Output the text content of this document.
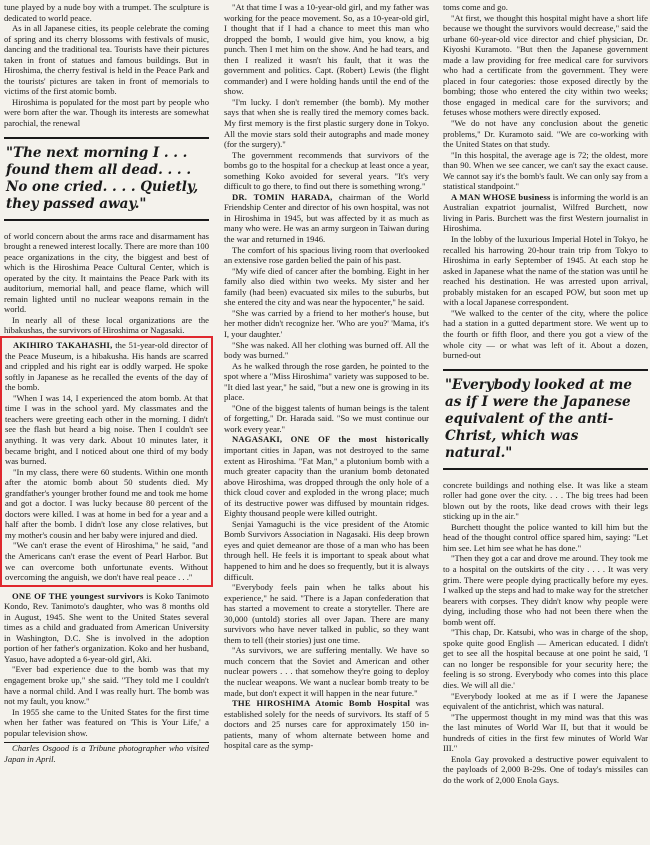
tune played by a nude boy with a trumpet. The sculpture is dedicated to world peace.

As in all Japanese cities, its people celebrate the coming of spring and its cherry blossoms with festivals of music, dancing and the traditional tea. Tourists have their pictures taken in front of statues and famous buildings. But in Hiroshima, the cherry festival is held in the Peace Park and the tourists' pictures are taken in front of memorials to victims of the first atomic bomb.

Hiroshima is populated for the most part by people who were born after the war. Though its interests are somewhat parochial, the renewal

"The next morning I . . . found them all dead. . . . No one cried. . . . Quietly, they passed away."

of world concern about the arms race and disarmament has brought a renewed interest locally. There are more than 100 peace organizations in the city, the biggest and best of which is the Hiroshima Peace Cultural Center, which is operated by the city. It maintains the Peace Park with its auditorium, memorial hall, and peace flame, which will remain lighted until no nuclear weapons remain in the world.

In nearly all of these local organizations are the hibakushas, the survivors of Hiroshima or Nagasaki.

AKIHIRO TAKAHASHI, the 51-year-old director of the Peace Museum, is a hibakusha. His hands are scarred and crippled and his right ear is oddly warped. He spoke softly in Japanese as he recalled the events of the day of the bomb.

"When I was 14, I experienced the atom bomb. At that time I was in the school yard. My classmates and the teachers were greeting each other in the morning. I didn't see the flash but heard a big noise. Then I couldn't see anything. It was very dark. About 10 minutes later, it became bright, and I noticed about one third of my body was burned.

"In my class, there were 60 students. Within one month after the atomic bomb about 50 students died. My grandfather's younger brother found me and took me home and got a doctor. I was lucky because 80 percent of the doctors were killed. I was at home in bed for a year and a half after the bomb. I didn't lose any close relatives, but my mother's cousin and her baby were injured and died.

"We can't erase the event of Hiroshima," he said, "and the Americans can't erase the event of Pearl Harbor. But we can overcome both unfortunate events. Without overcoming the anguish, we don't have real peace . . ."

ONE OF THE youngest survivors is Koko Tanimoto Kondo, Rev. Tanimoto's daughter, who was 8 months old in August, 1945. She went to the United States several times as a child and graduated from American University in Washington, D.C. She is involved in the adoption portion of her father's organization. Koko and her husband, Yasuo, have adopted a 6-year-old girl, Aki.

"Ever bad experience due to the bomb was that my engagement broke up," she said. "They told me I couldn't have a normal child. And I was really hurt. The bomb was not my fault, you know."

In 1955 she came to the United States for the first time when her father was featured on 'This is Your Life,' a popular television show.

Charles Osgood is a Tribune photographer who visited Japan in April.

"At that time I was a 10-year-old girl, and my father was working for the peace movement. So, as a 10-year-old girl, I thought that if I had a chance to meet this man who dropped the bomb, I would give him, you know, a big punch. Then I met him on the show. And he had tears, and then I realized it wasn't his fault, that it was the government and politics. Capt. (Robert) Lewis (the flight commander) and I were holding hands until the end of the show.

"I'm lucky. I don't remember (the bomb). My mother says that when she is really tired the memory comes back. My first memory is the first plastic surgery done in Tokyo. All the movie stars sold their autographs and made money (for the surgery)."

The government recommends that survivors of the bombs go to the hospital for a checkup at least once a year, something Koko avoided for several years. "It's very difficult to go there, to find out there is something wrong."

DR. TOMIN HARADA, chairman of the World Friendship Center and director of his own hospital, was not in Hiroshima in 1945, but was affected by it as much as many who were. He was an army surgeon in Taiwan during the war and returned in 1946.

The comfort of his spacious living room that overlooked an extensive rose garden belied the pain of his past.

"My wife died of cancer after the bombing. Eight in her family also died within two weeks. My sister and her family (had been) evacuated six miles to the suburbs, but she entered the city and was near the hypocenter," he said.

"She was carried by a friend to her mother's house, but her mother didn't recognize her. 'Who are you?' 'Mama, it's I, your daughter.'

"She was naked. All her clothing was burned off. All the body was burned."

As he walked through the rose garden, he pointed to the spot where a "Miss Hiroshima" variety was supposed to be. "It died last year," he said, "but a new one is growing in its place.

"One of the biggest talents of human beings is the talent of forgetting," Dr. Harada said. "So we must continue our work every year."

NAGASAKI, ONE OF the most historically important cities in Japan, was not destroyed to the same extent as Hiroshima. "Fat Man," a plutonium bomb with a much greater capacity than the uranium bomb detonated above Hiroshima, was dropped through the only hole of a thick cloud cover and exploded in the wrong place; much of its destructive power was diffused by mountain ridges. Eighty thousand people were killed outright.

Senjai Yamaguchi is the vice president of the Atomic Bomb Survivors Association in Nagasaki. His deep brown eyes and quiet demeanor are those of a man who has been through hell. He feels it is important to speak about what happened to him and he does so frequently, but it is always difficult.

"Everybody feels pain when he talks about his experience," he said. "There is a Japan confederation that has started a movement to create a storyteller. There are 30,000 (untold) stories all over Japan. There are many survivors who have never talked in public, so they want them to tell (their stories) just one time.

"As survivors, we are suffering mentally. We have so much concern that the Soviet and American and other nuclear powers . . . that somehow they're going to deploy the nuclear weapons. We want a nuclear bomb treaty to be made, but don't expect it will happen in the near future."

THE HIROSHIMA Atomic Bomb Hospital was established solely for the needs of survivors. Its staff of 5 doctors and 25 nurses care for approximately 150 in-patients, many of whom alternate between home and hospital care as the symp-

toms come and go.

"At first, we thought this hospital might have a short life because we thought the survivors would decrease," said the urbane 60-year-old vice director and chief physician, Dr. Kiyoshi Kuramoto. "But then the Japanese government made a law providing for free medical care for survivors who had a certificate from the government. They were placed in four categories: those exposed directly by the bombing; those who entered the city within two weeks; those engaged in medical care for the survivors; and fetuses whose mothers were directly exposed.

"We do not have any conclusion about the genetic problems," Dr. Kuramoto said. "We are co-working with the United States on that study.

"In this hospital, the average age is 72; the oldest, more than 90. When we see cancer, we can't say the exact cause. We cannot say it's the bomb's fault. We can only say from a statistical standpoint."

A MAN WHOSE business is informing the world is an Australian expatriot journalist, Wilfred Burchett, now living in Paris. Burchett was the first Western journalist in Hiroshima.

In the lobby of the luxurious Imperial Hotel in Tokyo, he recalled his harrowing 20-hour train trip from Tokyo to Hiroshima in early September of 1945. At each stop he asked in Japanese what the name of the station was until he reached his destination. He was arrested upon arrival, probably mistaken for an escaped POW, but soon met up with a local Japanese correspondent.

"We walked to the center of the city, where the police had a station in a gutted department store. We went up to the fourth or fifth floor, and there you got a view of the whole city — or what was left of it. About a dozen, burned-out

"Everybody looked at me as if I were the Japanese equivalent of the anti-Christ, which was natural."

concrete buildings and nothing else. It was like a steam roller had gone over the city. . . . The big trees had been blown out by the roots, like dead crows with their legs sticking up in the air."

Burchett thought the police wanted to kill him but the head of the thought control office spared him, saying: "Let him see. Let him see what he has done."

"Then they got a car and drove me around. They took me to a hospital on the outskirts of the city . . . . It was very grim. There were people dying practically before my eyes. I walked up the steps and had to make way for the stretcher bearers with corpses. They didn't know why people were dying, including those who had not been there when the bomb went off.

"This chap, Dr. Katsubi, who was in charge of the shop, spoke quite good English — American educated. I didn't get to see all the hospital because at one point he said, 'I can no longer be responsible for your security here; the feeling is so strong. Everybody who comes into this place dies. We will all die.'

"Everybody looked at me as if I were the Japanese equivalent of the antichrist, which was natural.

"The uppermost thought in my mind was that this was the last minutes of World War II, but that it would be hundreds of cities in the first few minutes of World War III."

Enola Gay provoked a destructive power equivalent to the payloads of 2,000 B-29s. One of today's missiles can do the work of 2,000 Enola Gays.
